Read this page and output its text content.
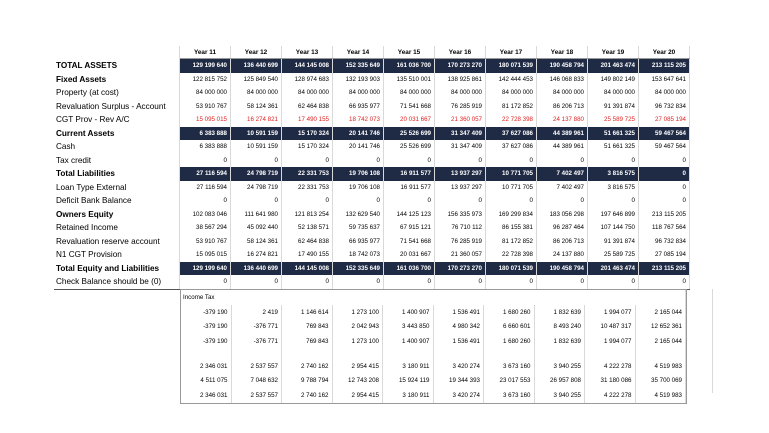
	Year 11	Year 12	Year 13	Year 14	Year 15	Year 16	Year 17	Year 18	Year 19	Year 20
TOTAL ASSETS	129 199 640	136 440 699	144 145 008	152 335 649	161 036 700	170 273 270	180 071 539	190 458 794	201 463 474	213 115 205
Fixed Assets	122 815 752	125 849 540	128 974 683	132 193 903	135 510 001	138 925 861	142 444 453	146 068 833	149 802 149	153 647 641
Property (at cost)	84 000 000	84 000 000	84 000 000	84 000 000	84 000 000	84 000 000	84 000 000	84 000 000	84 000 000	84 000 000
Revaluation Surplus - Account	53 910 767	58 124 361	62 464 838	66 935 977	71 541 668	76 285 919	81 172 852	86 206 713	91 391 874	96 732 834
CGT Prov - Rev A/C	15 095 015	16 274 821	17 490 155	18 742 073	20 031 667	21 360 057	22 728 398	24 137 880	25 589 725	27 085 194
Current Assets	6 383 888	10 591 159	15 170 324	20 141 746	25 526 699	31 347 409	37 627 086	44 389 961	51 661 325	59 467 564
Cash	6 383 888	10 591 159	15 170 324	20 141 746	25 526 699	31 347 409	37 627 086	44 389 961	51 661 325	59 467 564
Tax credit	0	0	0	0	0	0	0	0	0	0
Total Liabilities	27 116 594	24 798 719	22 331 753	19 706 108	16 911 577	13 937 297	10 771 705	7 402 497	3 816 575	0
Loan Type External	27 116 594	24 798 719	22 331 753	19 706 108	16 911 577	13 937 297	10 771 705	7 402 497	3 816 575	0
Deficit Bank Balance	0	0	0	0	0	0	0	0	0	0
Owners Equity	102 083 046	111 641 980	121 813 254	132 629 540	144 125 123	156 335 973	169 299 834	183 056 298	197 646 899	213 115 205
Retained Income	38 567 294	45 092 440	52 138 571	59 735 637	67 915 121	76 710 112	86 155 381	96 287 464	107 144 750	118 767 564
Revaluation reserve account	53 910 767	58 124 361	62 464 838	66 935 977	71 541 668	76 285 919	81 172 852	86 206 713	91 391 874	96 732 834
N1 CGT Provision	15 095 015	16 274 821	17 490 155	18 742 073	20 031 667	21 360 057	22 728 398	24 137 880	25 589 725	27 085 194
Total Equity and Liabilities	129 199 640	136 440 699	144 145 008	152 335 649	161 036 700	170 273 270	180 071 539	190 458 794	201 463 474	213 115 205
Check Balance should be (0)	0	0	0	0	0	0	0	0	0	0
Income Tax									
-379 190	2 419	1 146 614	1 273 100	1 400 907	1 536 491	1 680 260	1 832 639	1 994 077	2 165 044
-379 190	-376 771	769 843	2 042 943	3 443 850	4 980 342	6 660 601	8 493 240	10 487 317	12 652 361
-379 190	-376 771	769 843	1 273 100	1 400 907	1 536 491	1 680 260	1 832 639	1 994 077	2 165 044

2 346 031	2 537 557	2 740 162	2 954 415	3 180 911	3 420 274	3 673 160	3 940 255	4 222 278	4 519 983
4 511 075	7 048 632	9 788 794	12 743 208	15 924 119	19 344 393	23 017 553	26 957 808	31 180 086	35 700 069
2 346 031	2 537 557	2 740 162	2 954 415	3 180 911	3 420 274	3 673 160	3 940 255	4 222 278	4 519 983
